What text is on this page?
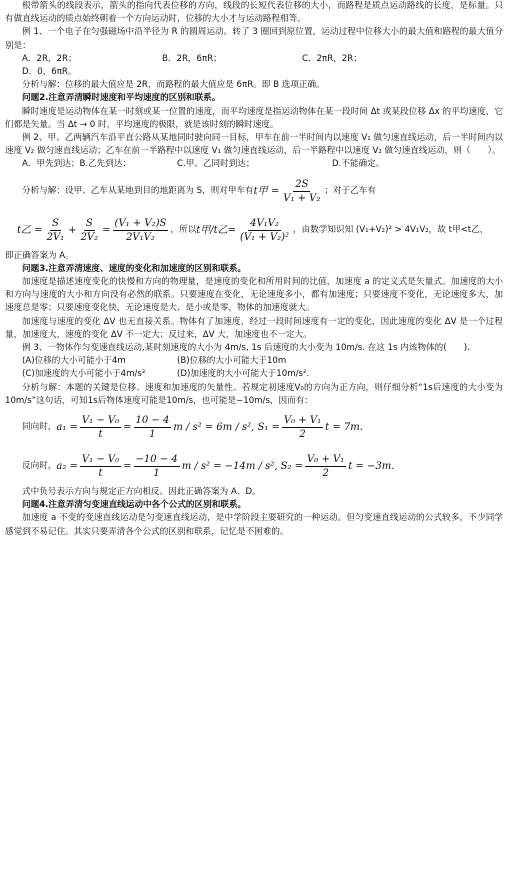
根带箭头的线段表示，箭头的指向代表位移的方向，线段的长短代表位移的大小，而路程是质点运动路线的长度，是标量。只有做直线运动的质点始终朝着一个方向运动时，位移的大小才与运动路程相等。

例 1、一个电子在匀强磁场中沿半径为 R 的圆周运动。转了 3 圈回到原位置，运动过程中位移大小的最大值和路程的最大值分别是：

A．2R，2R；	B．2R，6πR；	C．2πR，2R；
D．0，6πR。

分析与解：位移的最大值应是 2R，而路程的最大值应是 6πR。即 B 选项正确。

问题2.注意弄清瞬时速度和平均速度的区别和联系。

瞬时速度是运动物体在某一时刻或某一位置的速度，而平均速度是指运动物体在某一段时间 Δt 或某段位移 Δx 的平均速度，它们都是矢量。当 Δt → 0 时，平均速度的极限，就是该时刻的瞬时速度。

例 2、甲、乙两辆汽车沿平直公路从某地同时驶向同一目标，甲车在前一半时间内以速度 V₁ 做匀速直线运动，后一半时间内以速度 V₂ 做匀速直线运动；乙车在前一半路程中以速度 V₁ 做匀速直线运动，后一半路程中以速度 V₂ 做匀速直线运动，则（　　）。

A．甲先到达；B.乙先到达；	C.甲、乙同时到达；	D.不能确定。
分析与解：设甲、乙车从某地到目的地距离为 S，则对甲车有 t甲 = $\frac{2S}{\text{V₁ + V₂}}$ ；对于乙车有
t乙 = $\frac{S}{\text{2V₁}} + \frac{S}{\text{2V₂}} = \frac{\text{(V₁ + V₂)S}}{\text{2V₁V₂}}$ ，所以 t甲/t乙 = $\frac{\text{4V₁V₂}}{\text{(V₁ + V₂)²}}$ ，由数学知识知 (V₁+V₂)² > 4V₁V₂，故 t甲<t乙，

即正确答案为 A。

问题3.注意弄清速度、速度的变化和加速度的区别和联系。

加速度是描述速度变化的快慢和方向的物理量，是速度的变化和所用时间的比值，加速度 a 的定义式是矢量式。加速度的大小和方向与速度的大小和方向没有必然的联系。只要速度在变化，无论速度多小，都有加速度；只要速度不变化，无论速度多大，加速度总是零；只要速度变化快，无论速度是大、是小或是零，物体的加速度就大。

加速度与速度的变化 ΔV 也无直接关系。物体有了加速度，经过一段时间速度有一定的变化，因此速度的变化 ΔV 是一个过程量，加速度大，速度的变化 ΔV 不一定大；反过来，ΔV 大，加速度也不一定大。

例 3、一物体作匀变速直线运动,某时刻速度的大小为 4m/s, 1s 后速度的大小变为 10m/s. 在这 1s 内该物体的(　　).

(A)位移的大小可能小于4m	(B)位移的大小可能大于10m
(C)加速度的大小可能小于4m/s²	(D)加速度的大小可能大于10m/s².

分析与解：本题的关键是位移、速度和加速度的矢量性。若规定初速度V₀的方向为正方向，则仔细分析“1s后速度的大小变为10m/s”这句话，可知1s后物体速度可能是10m/s，也可能是−10m/s，因而有：

同向时， $a_1 = \frac{\text{V₁ − V₀}}{t} = \frac{10 - 4}{1}$ m / s² = 6m / s², $S_1 = \frac{\text{V₀ + V₁}}{2}$ t = 7m.
反向时， $a_2 = \frac{\text{V₁ − V₀}}{t} = \frac{-10 - 4}{1}$ m / s² = −14m / s², $S_2 = \frac{\text{V₀ + V₁}}{2}$ t = −3m.

式中负号表示方向与规定正方向相反。因此正确答案为 A、D。

问题4.注意弄清匀变速直线运动中各个公式的区别和联系。

加速度 a 不变的变速直线运动是匀变速直线运动，是中学阶段主要研究的一种运动。但匀变速直线运动的公式较多，不少同学感觉到不易记住。其实只要弄清各个公式的区别和联系，记忆是不困难的。
